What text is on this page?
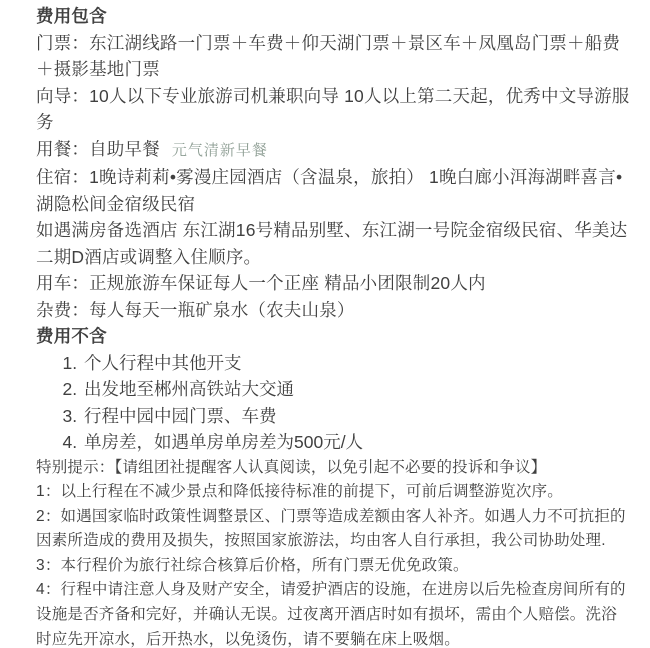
费用包含

门票：东江湖线路一门票＋车费＋仰天湖门票＋景区车＋凤凰岛门票＋船费＋摄影基地门票

向导：10人以下专业旅游司机兼职向导 10人以上第二天起，优秀中文导游服务

用餐：自助早餐 元气清新早餐

住宿：1晚诗莉莉•雾漫庄园酒店（含温泉，旅拍） 1晚白廊小洱海湖畔喜言•湖隐松间金宿级民宿

如遇满房备选酒店 东江湖16号精品别墅、东江湖一号院金宿级民宿、华美达二期D酒店或调整入住顺序。

用车：正规旅游车保证每人一个正座 精品小团限制20人内

杂费：每人每天一瓶矿泉水（农夫山泉）

费用不含

1. 个人行程中其他开支
2. 出发地至郴州高铁站大交通
3. 行程中园中园门票、车费
4. 单房差，如遇单房单房差为500元/人

特别提示：【请组团社提醒客人认真阅读，以免引起不必要的投诉和争议】

1：以上行程在不减少景点和降低接待标准的前提下，可前后调整游览次序。

2：如遇国家临时政策性调整景区、门票等造成差额由客人补齐。如遇人力不可抗拒的因素所造成的费用及损失，按照国家旅游法，均由客人自行承担，我公司协助处理.

3：本行程价为旅行社综合核算后价格，所有门票无优免政策。

4：行程中请注意人身及财产安全，请爱护酒店的设施，在进房以后先检查房间所有的设施是否齐备和完好，并确认无误。过夜离开酒店时如有损坏，需由个人赔偿。洗浴时应先开凉水，后开热水，以免烫伤，请不要躺在床上吸烟。
